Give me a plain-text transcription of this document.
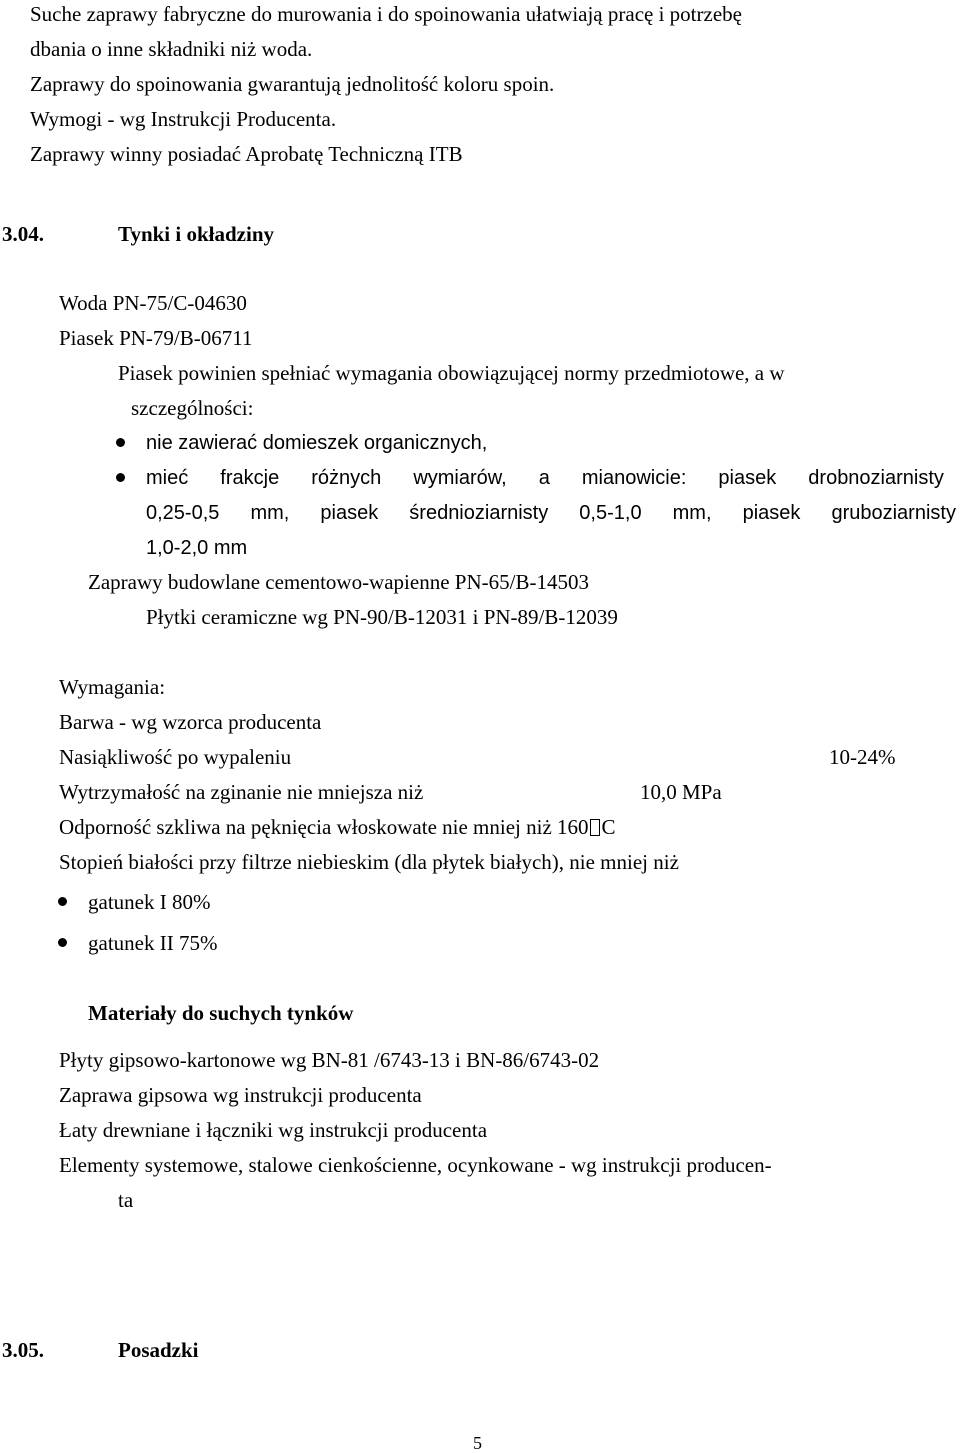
Suche zaprawy fabryczne do murowania i do spoinowania ułatwiają pracę i potrzebę
dbania o inne składniki niż woda.
Zaprawy do spoinowania gwarantują jednolitość koloru spoin.
Wymogi - wg Instrukcji Producenta.
Zaprawy winny posiadać Aprobatę Techniczną ITB
3.04.	Tynki i okładziny
Woda PN-75/C-04630
Piasek PN-79/B-06711
Piasek powinien spełniać wymagania obowiązującej normy przedmiotowe, a w
szczególności:
nie zawierać domieszek organicznych,
mieć frakcje różnych wymiarów, a mianowicie: piasek drobnoziarnisty
0,25-0,5 mm, piasek średnioziarnisty 0,5-1,0 mm, piasek gruboziarnisty
1,0-2,0 mm
Zaprawy budowlane cementowo-wapienne PN-65/B-14503
Płytki ceramiczne wg PN-90/B-12031 i PN-89/B-12039
Wymagania:
Barwa - wg wzorca producenta
Nasiąkliwość po wypaleniu	10-24%
Wytrzymałość na zginanie nie mniejsza niż	10,0 MPa
Odporność szkliwa na pęknięcia włoskowate nie mniej niż 160 C
Stopień białości przy filtrze niebieskim (dla płytek białych), nie mniej niż
gatunek I 80%
gatunek II 75%
Materiały do suchych tynków
Płyty gipsowo-kartonowe wg BN-81 /6743-13 i BN-86/6743-02
Zaprawa gipsowa wg instrukcji producenta
Łaty drewniane i łączniki wg instrukcji producenta
Elementy systemowe, stalowe cienkościenne, ocynkowane - wg instrukcji producen-
ta
3.05.	Posadzki
5
